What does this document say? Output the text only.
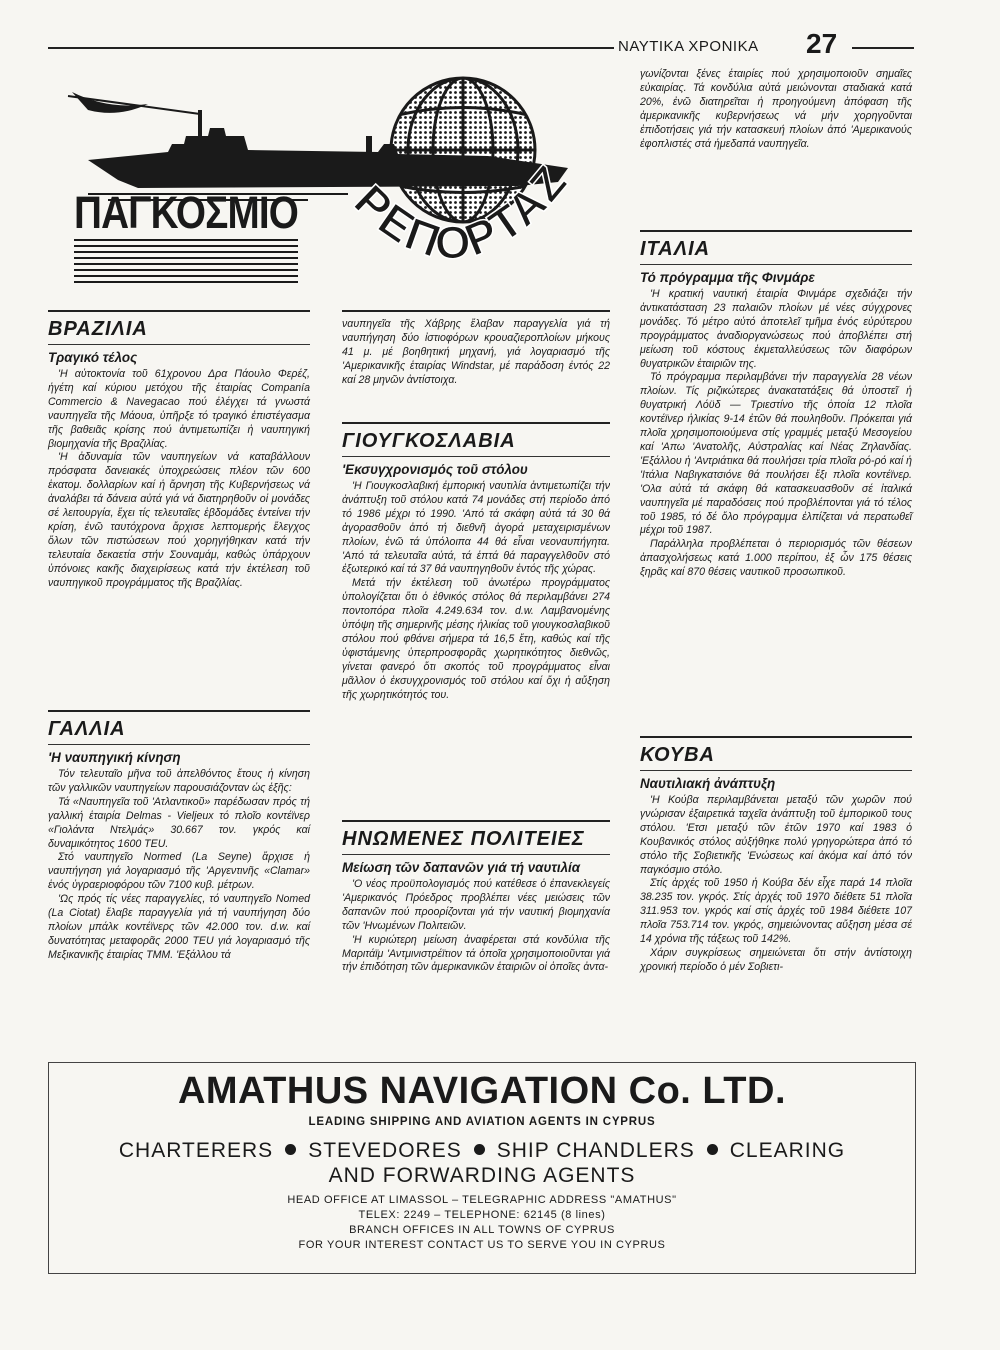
ΝΑΥΤΙΚΑ ΧΡΟΝΙΚΑ	27
ΠΑΓΚΟΣΜΙΟ ΡΕΠΟΡΤΑΖ
ΒΡΑΖΙΛΙΑ
Τραγικό τέλος

'Η αὐτοκτονία τοῦ 61χρονου Δρα Πάουλο Φερέζ, ἡγέτη καί κύριου μετόχου τῆς ἑταιρίας Companía Commercio & Navegacao πού ἐλέγχει τά γνωστά ναυπηγεῖα τῆς Μάουα, ὑπῆρξε τό τραγικό ἐπιστέγασμα τῆς βαθειᾶς κρίσης πού ἀντιμετωπίζει ἡ ναυπηγική βιομηχανία τῆς Βραζιλίας.

'Η ἀδυναμία τῶν ναυπηγείων νά καταβάλλουν πρόσφατα δανειακές ὑποχρεώσεις πλέον τῶν 600 ἑκατομ. δολλαρίων καί ἡ ἄρνηση τῆς Κυβερνήσεως νά ἀναλάβει τά δάνεια αὐτά γιά νά διατηρηθοῦν οἱ μονάδες σέ λειτουργία, ἔχει τίς τελευταῖες ἑβδομάδες ἐντείνει τήν κρίση, ἐνῶ ταυτόχρονα ἄρχισε λεπτομερής ἔλεγχος ὅλων τῶν πιστώσεων πού χορηγήθηκαν κατά τήν τελευταία δεκαετία στήν Σουναμάμ, καθώς ὑπάρχουν ὑπόνοιες κακῆς διαχειρίσεως κατά τήν ἐκτέλεση τοῦ ναυπηγικοῦ προγράμματος τῆς Βραζιλίας.

ΓΑΛΛΙΑ
'Η ναυπηγική κίνηση

Τόν τελευταῖο μῆνα τοῦ ἀπελθόντος ἔτους ἡ κίνηση τῶν γαλλικῶν ναυπηγείων παρουσιάζονταν ὡς ἑξῆς:

Τά «Ναυπηγεῖα τοῦ 'Ατλαντικοῦ» παρέδωσαν πρός τή γαλλική ἑταιρία Delmas - Vieljeux τό πλοῖο κοντέϊνερ «Γιολάντα Ντελμάς» 30.667 τον. γκρός καί δυναμικότητος 1600 TEU.

Στό ναυπηγεῖο Normed (La Seyne) ἄρχισε ἡ ναυπήγηση γιά λογαριασμό τῆς 'Αργεντινῆς «Clamar» ἑνός ὑγραεριοφόρου τῶν 7100 κυβ. μέτρων.

'Ως πρός τίς νέες παραγγελίες, τό ναυπηγεῖο Nomed (La Ciotat) ἔλαβε παραγγελία γιά τή ναυπήγηση δύο πλοίων μπάλκ κοντέϊνερς τῶν 42.000 τον. d.w. καί δυνατότητας μεταφορᾶς 2000 TEU γιά λογαριασμό τῆς Μεξικανικῆς ἑταιρίας TMM. 'Εξάλλου τά

ναυπηγεῖα τῆς Χάβρης ἔλαβαν παραγγελία γιά τή ναυπήγηση δύο ἰστιοφόρων κρουαζιεροπλοίων μήκους 41 μ. μέ βοηθητική μηχανή, γιά λογαριασμό τῆς 'Αμερικανικῆς ἑταιρίας Windstar, μέ παράδοση ἐντός 22 καί 28 μηνῶν ἀντίστοιχα.

ΓΙΟΥΓΚΟΣΛΑΒΙΑ
'Εκσυγχρονισμός τοῦ στόλου

'Η Γιουγκοσλαβική ἐμπορική ναυτιλία ἀντιμετωπίζει τήν ἀνάπτυξη τοῦ στόλου κατά 74 μονάδες στή περίοδο ἀπό τό 1986 μέχρι τό 1990. 'Από τά σκάφη αὐτά τά 30 θά ἀγορασθοῦν ἀπό τή διεθνῆ ἀγορά μεταχειρισμένων πλοίων, ἐνῶ τά ὑπόλοιπα 44 θά εἶναι νεοναυπήγητα. 'Από τά τελευταῖα αὐτά, τά ἑπτά θά παραγγελθοῦν στό ἐξωτερικό καί τά 37 θά ναυπηγηθοῦν ἐντός τῆς χώρας.

Μετά τήν ἐκτέλεση τοῦ ἀνωτέρω προγράμματος ὑπολογίζεται ὅτι ὁ ἐθνικός στόλος θά περιλαμβάνει 274 ποντοπόρα πλοῖα 4.249.634 τον. d.w. Λαμβανομένης ὑπόψη τῆς σημερινῆς μέσης ἡλικίας τοῦ γιουγκοσλαβικοῦ στόλου πού φθάνει σήμερα τά 16,5 ἔτη, καθώς καί τῆς ὑφιστάμενης ὑπερπροσφορᾶς χωρητικότητος διεθνῶς, γίνεται φανερό ὅτι σκοπός τοῦ προγράμματος εἶναι μᾶλλον ὁ ἐκσυγχρονισμός τοῦ στόλου καί ὄχι ἡ αὔξηση τῆς χωρητικότητός του.

ΗΝΩΜΕΝΕΣ ΠΟΛΙΤΕΙΕΣ
Μείωση τῶν δαπανῶν γιά τή ναυτιλία

'Ο νέος προϋπολογισμός πού κατέθεσε ὁ ἐπανεκλεγείς 'Αμερικανός Πρόεδρος προβλέπει νέες μειώσεις τῶν δαπανῶν πού προορίζονται γιά τήν ναυτική βιομηχανία τῶν 'Ηνωμένων Πολιτειῶν.

'Η κυριώτερη μείωση ἀναφέρεται στά κονδύλια τῆς Μαριτάϊμ 'Αντμινιστρέϊτιον τά ὁποῖα χρησιμοποιοῦνται γιά τήν ἐπιδότηση τῶν ἀμερικανικῶν ἑταιριῶν οἱ ὁποῖες ἀντα-

γωνίζονται ξένες ἑταιρίες πού χρησιμοποιοῦν σημαῖες εὐκαιρίας. Τά κονδύλια αὐτά μειώνονται σταδιακά κατά 20%, ἐνῶ διατηρεῖται ἡ προηγούμενη ἀπόφαση τῆς ἀμερικανικῆς κυβερνήσεως νά μήν χορηγοῦνται ἐπιδοτήσεις γιά τήν κατασκευή πλοίων ἀπό 'Αμερικανούς ἐφοπλιστές στά ἡμεδαπά ναυπηγεῖα.

ΙΤΑΛΙΑ
Τό πρόγραμμα τῆς Φινμάρε

'Η κρατική ναυτική ἑταιρία Φινμάρε σχεδιάζει τήν ἀντικατάσταση 23 παλαιῶν πλοίων μέ νέες σύγχρονες μονάδες. Τό μέτρο αὐτό ἀποτελεῖ τμῆμα ἑνός εὐρύτερου προγράμματος ἀναδιοργανώσεως πού ἀποβλέπει στή μείωση τοῦ κόστους ἐκμεταλλεύσεως τῶν διαφόρων θυγατρικῶν ἑταιριῶν της.

Τό πρόγραμμα περιλαμβάνει τήν παραγγελία 28 νέων πλοίων. Τίς ριζικώτερες ἀνακατατάξεις θά ὑποστεῖ ἡ θυγατρική Λόϋδ — Τριεστίνο τῆς ὁποία 12 πλοῖα κοντέϊνερ ἡλικίας 9-14 ἐτῶν θά πουληθοῦν. Πρόκειται γιά πλοῖα χρησιμοποιούμενα στίς γραμμές μεταξύ Μεσογείου καί 'Απω 'Ανατολῆς, Αὐστραλίας καί Νέας Ζηλανδίας. 'Εξάλλου ἡ 'Αντριάτικα θά πουλήσει τρία πλοῖα ρό-ρό καί ἡ 'Ιτάλια Ναβιγκατσιόνε θά πουλήσει ἕξι πλοῖα κοντέϊνερ. 'Ολα αὐτά τά σκάφη θά κατασκευασθοῦν σέ ἰταλικά ναυπηγεῖα μέ παραδόσεις πού προβλέπονται γιά τό τέλος τοῦ 1985, τό δέ ὅλο πρόγραμμα ἐλπίζεται νά περατωθεῖ μέχρι τοῦ 1987.

Παράλληλα προβλέπεται ὁ περιορισμός τῶν θέσεων ἀπασχολήσεως κατά 1.000 περίπου, ἐξ ὧν 175 θέσεις ξηρᾶς καί 870 θέσεις ναυτικοῦ προσωπικοῦ.

ΚΟΥΒΑ
Ναυτιλιακή ἀνάπτυξη

'Η Κούβα περιλαμβάνεται μεταξύ τῶν χωρῶν πού γνώρισαν ἐξαιρετικά ταχεῖα ἀνάπτυξη τοῦ ἐμπορικοῦ τους στόλου. 'Ετσι μεταξύ τῶν ἐτῶν 1970 καί 1983 ὁ Κουβανικός στόλος αὐξήθηκε πολύ γρηγορώτερα ἀπό τό στόλο τῆς Σοβιετικῆς 'Ενώσεως καί ἀκόμα καί ἀπό τόν παγκόσμιο στόλο.

Στίς ἀρχές τοῦ 1950 ἡ Κούβα δέν εἶχε παρά 14 πλοῖα 38.235 τον. γκρός. Στίς ἀρχές τοῦ 1970 διέθετε 51 πλοῖα 311.953 τον. γκρός καί στίς ἀρχές τοῦ 1984 διέθετε 107 πλοῖα 753.714 τον. γκρός, σημειώνοντας αὔξηση μέσα σέ 14 χρόνια τῆς τάξεως τοῦ 142%.

Χάριν συγκρίσεως σημειώνεται ὅτι στήν ἀντίστοιχη χρονική περίοδο ὁ μέν Σοβιετι-

AMATHUS NAVIGATION Co. LTD.
LEADING SHIPPING AND AVIATION AGENTS IN CYPRUS
CHARTERERS STEVEDORES SHIP CHANDLERS CLEARING
AND FORWARDING AGENTS
HEAD OFFICE AT LIMASSOL – TELEGRAPHIC ADDRESS "AMATHUS"
TELEX: 2249 – TELEPHONE: 62145 (8 lines)
BRANCH OFFICES IN ALL TOWNS OF CYPRUS
FOR YOUR INTEREST CONTACT US TO SERVE YOU IN CYPRUS
